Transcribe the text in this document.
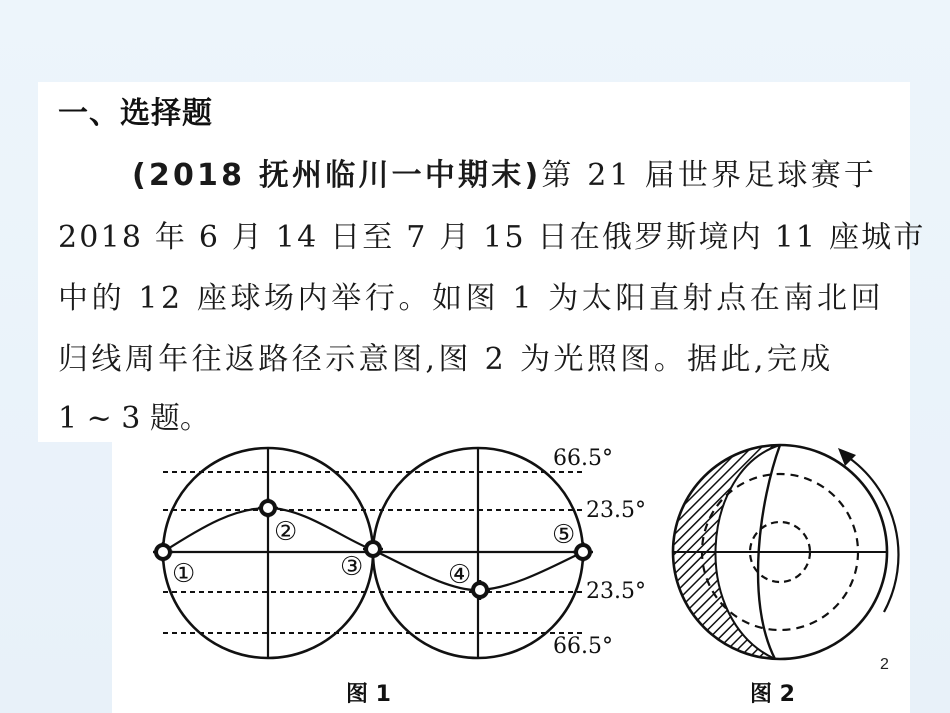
一、选择题
(2018 抚州临川一中期末)第 21 届世界足球赛于
2018 年 6 月 14 日至 7 月 15 日在俄罗斯境内 11 座城市
中的 12 座球场内举行。如图 1 为太阳直射点在南北回
归线周年往返路径示意图,图 2 为光照图。据此,完成
1 ~ 3 题。
①
②
③	④
⑤
66.5°
23.5°
23.5°
66.5°
图 1	图 2
2
